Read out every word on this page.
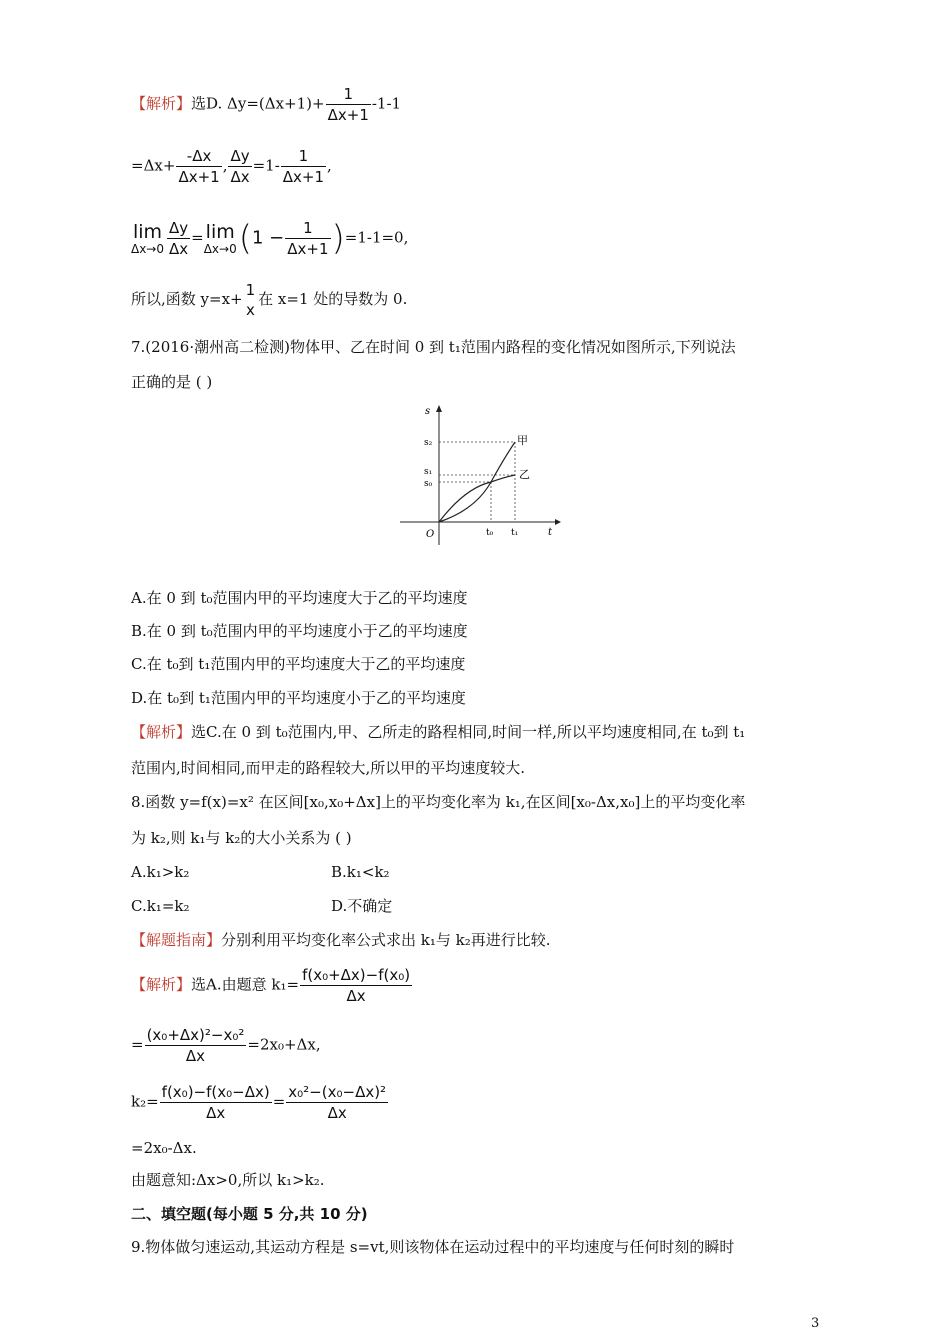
【解析】选D. $\Delta y=(\Delta x+1)+ \frac{1}{\Delta x+1} -1-1$
$=\Delta x+ \frac{-\Delta x}{\Delta x+1}$ , $\frac{\Delta y}{\Delta x} =1- \frac{1}{\Delta x+1}$ ,
lim
$\Delta x\to 0 \frac{\Delta y}{\Delta x} = \lim$
Δx→0 $(1 - \frac{1}{\Delta x+1} )=1-1=0$,
所以,函数 y=x+ 1
x
在 x=1 处的导数为 0.
7.(2016·潮州高二检测)物体甲、乙在时间 0 到 t₁范围内路程的变化情况如图所示,下列说法
正确的是 ( )
s
t
O
s₂
s₁
s₀
t₀ t₁
甲
乙
A.在 0 到 t₀范围内甲的平均速度大于乙的平均速度
B.在 0 到 t₀范围内甲的平均速度小于乙的平均速度
C.在 t₀到 t₁范围内甲的平均速度大于乙的平均速度
D.在 t₀到 t₁范围内甲的平均速度小于乙的平均速度
【解析】选C.在 0 到 t₀范围内,甲、乙所走的路程相同,时间一样,所以平均速度相同,在 t₀到 t₁
范围内,时间相同,而甲走的路程较大,所以甲的平均速度较大.
8.函数 y=f(x)=x² 在区间[x₀,x₀+Δx]上的平均变化率为 k₁,在区间[x₀-Δx,x₀]上的平均变化率
为 k₂,则 k₁与 k₂的大小关系为 ( )
A.k₁>k₂	B.k₁<k₂
C.k₁=k₂	D.不确定
【解题指南】分别利用平均变化率公式求出 k₁与 k₂再进行比较.
【解析】选A.由题意 $k_1= \frac{\text{f(x₀+Δx)−f(x₀)}}{\Delta x}$
= $\frac{\text{(x₀+Δx)²−x₀²}}{\Delta x} =2x_0+\Delta x$,
$k_2= \frac{\text{f(x₀)−f(x₀−Δx)}}{\Delta x} = \frac{\text{x₀²−(x₀−Δx)²}}{\Delta x}$
=2x₀-Δx.
由题意知:Δx>0,所以 k₁>k₂.
二、填空题(每小题 5 分,共 10 分)
9.物体做匀速运动,其运动方程是 s=vt,则该物体在运动过程中的平均速度与任何时刻的瞬时
3
